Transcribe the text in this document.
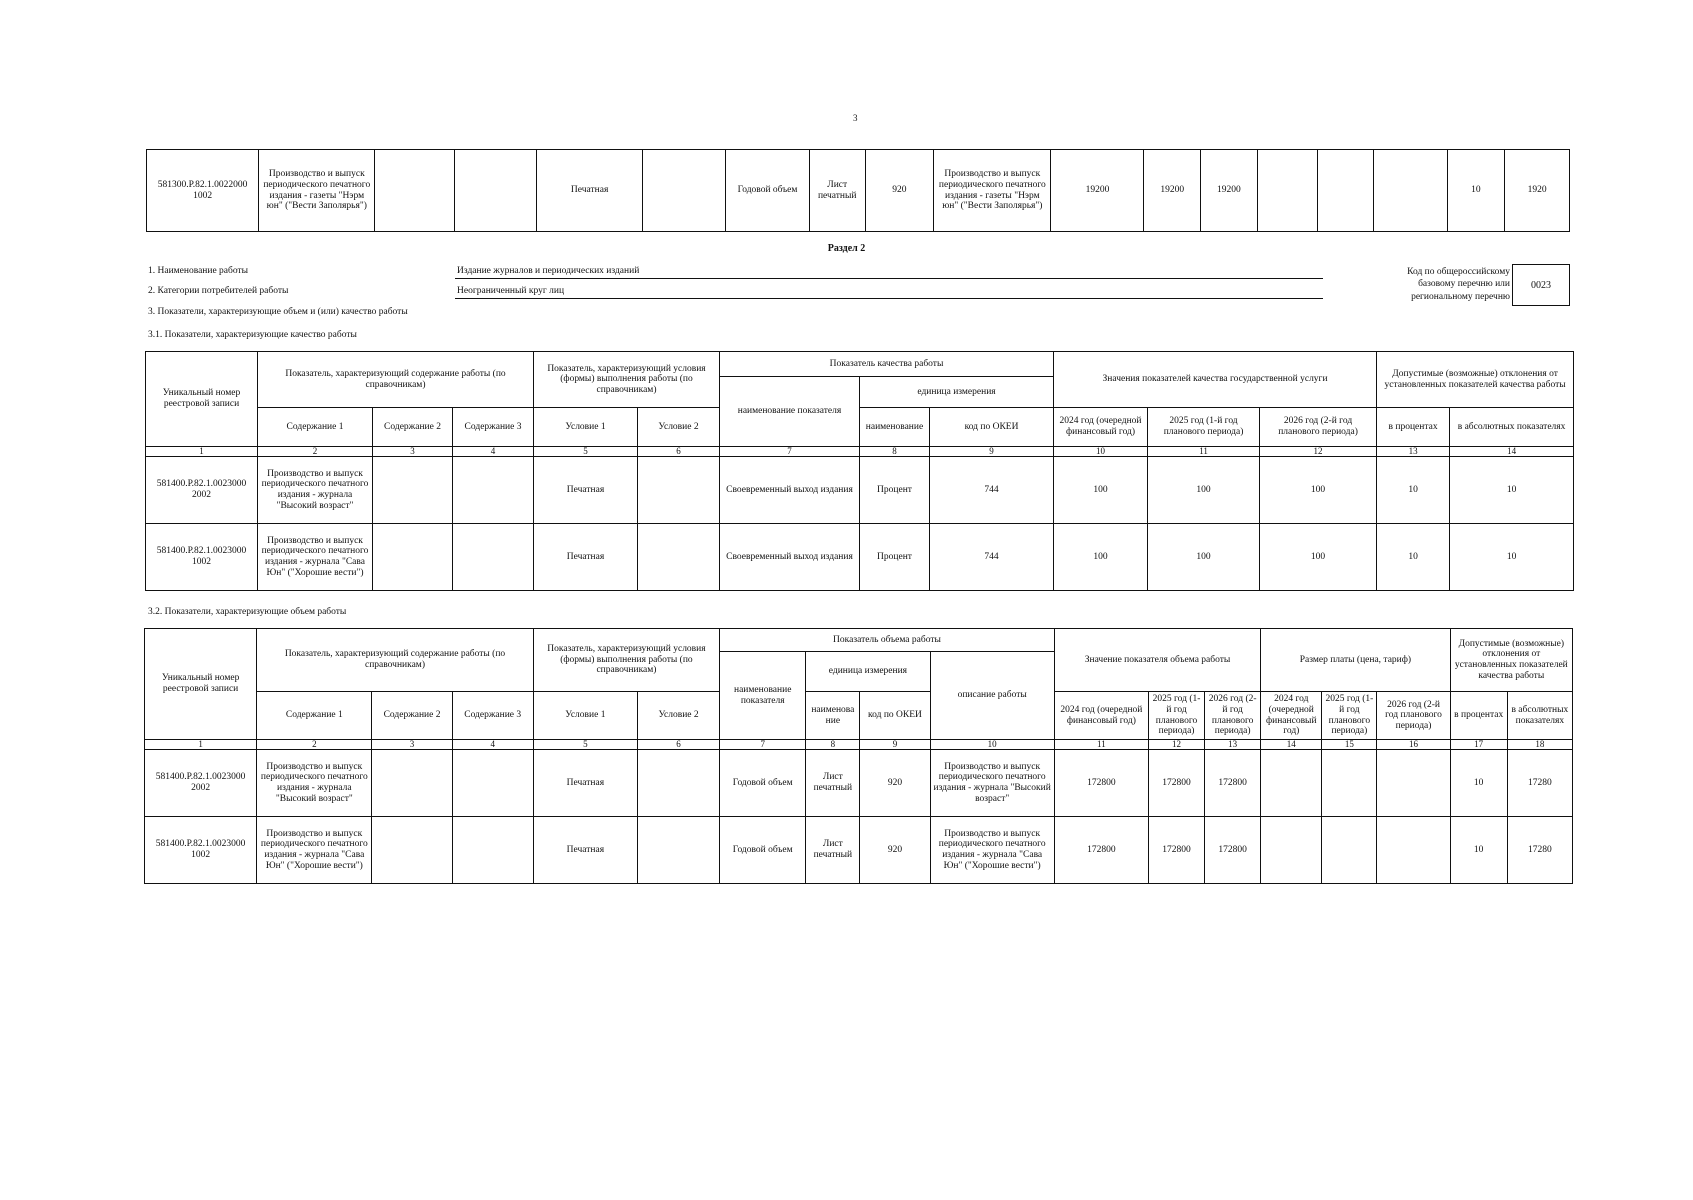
3
581300.Р.82.1.0022000 1002	Производство и выпуск периодического печатного издания - газеты "Нэрм юн" ("Вести Заполярья")			Печатная		Годовой объем	Лист печатный	920	Производство и выпуск периодического печатного издания - газеты "Нэрм юн" ("Вести Заполярья")	19200	19200	19200				10	1920
Раздел 2
1. Наименование работы	Издание журналов и периодических изданий
2. Категории потребителей работы	Неограниченный круг лиц
3. Показатели, характеризующие объем и (или) качество работы
Код по общероссийскому базовому перечню или региональному перечню
0023
3.1. Показатели, характеризующие качество работы
Уникальный номер реестровой записи	Показатель, характеризующий содержание работы (по справочникам)			Показатель, характеризующий условия (формы) выполнения работы (по справочникам)		Показатель качества работы			Значения показателей качества государственной услуги			Допустимые (возможные) отклонения от установленных показателей качества работы	
						наименование показателя	единица измерения						
	Содержание 1	Содержание 2	Содержание 3	Условие 1	Условие 2		наименование	код по ОКЕИ	2024 год (очередной финансовый год)	2025 год (1-й год планового периода)	2026 год (2-й год планового периода)	в процентах	в абсолютных показателях
1	2	3	4	5	6	7	8	9	10	11	12	13	14
581400.Р.82.1.0023000 2002	Производство и выпуск периодического печатного издания - журнала "Высокий возраст"			Печатная		Своевременный выход издания	Процент	744	100	100	100	10	10
581400.Р.82.1.0023000 1002	Производство и выпуск периодического печатного издания - журнала "Сава Юн" ("Хорошие вести")			Печатная		Своевременный выход издания	Процент	744	100	100	100	10	10
3.2. Показатели, характеризующие объем работы
Уникальный номер реестровой записи	Показатель, характеризующий содержание работы (по справочникам)			Показатель, характеризующий условия (формы) выполнения работы (по справочникам)		Показатель объема работы				Значение показателя объема работы			Размер платы (цена, тариф)			Допустимые (возможные) отклонения от установленных показателей качества работы	
						наименование показателя	единица измерения		описание работы								
	Содержание 1	Содержание 2	Содержание 3	Условие 1	Условие 2		наименова ние	код по ОКЕИ		2024 год (очередной финансовый год)	2025 год (1-й год планового периода)	2026 год (2-й год планового периода)	2024 год (очередной финансовый год)	2025 год (1-й год планового периода)	2026 год (2-й год планового периода)	в процентах	в абсолютных показателях
1	2	3	4	5	6	7	8	9	10	11	12	13	14	15	16	17	18
581400.Р.82.1.0023000 2002	Производство и выпуск периодического печатного издания - журнала "Высокий возраст"			Печатная		Годовой объем	Лист печатный	920	Производство и выпуск периодического печатного издания - журнала "Высокий возраст"	172800	172800	172800				10	17280
581400.Р.82.1.0023000 1002	Производство и выпуск периодического печатного издания - журнала "Сава Юн" ("Хорошие вести")			Печатная		Годовой объем	Лист печатный	920	Производство и выпуск периодического печатного издания - журнала "Сава Юн" ("Хорошие вести")	172800	172800	172800				10	17280
